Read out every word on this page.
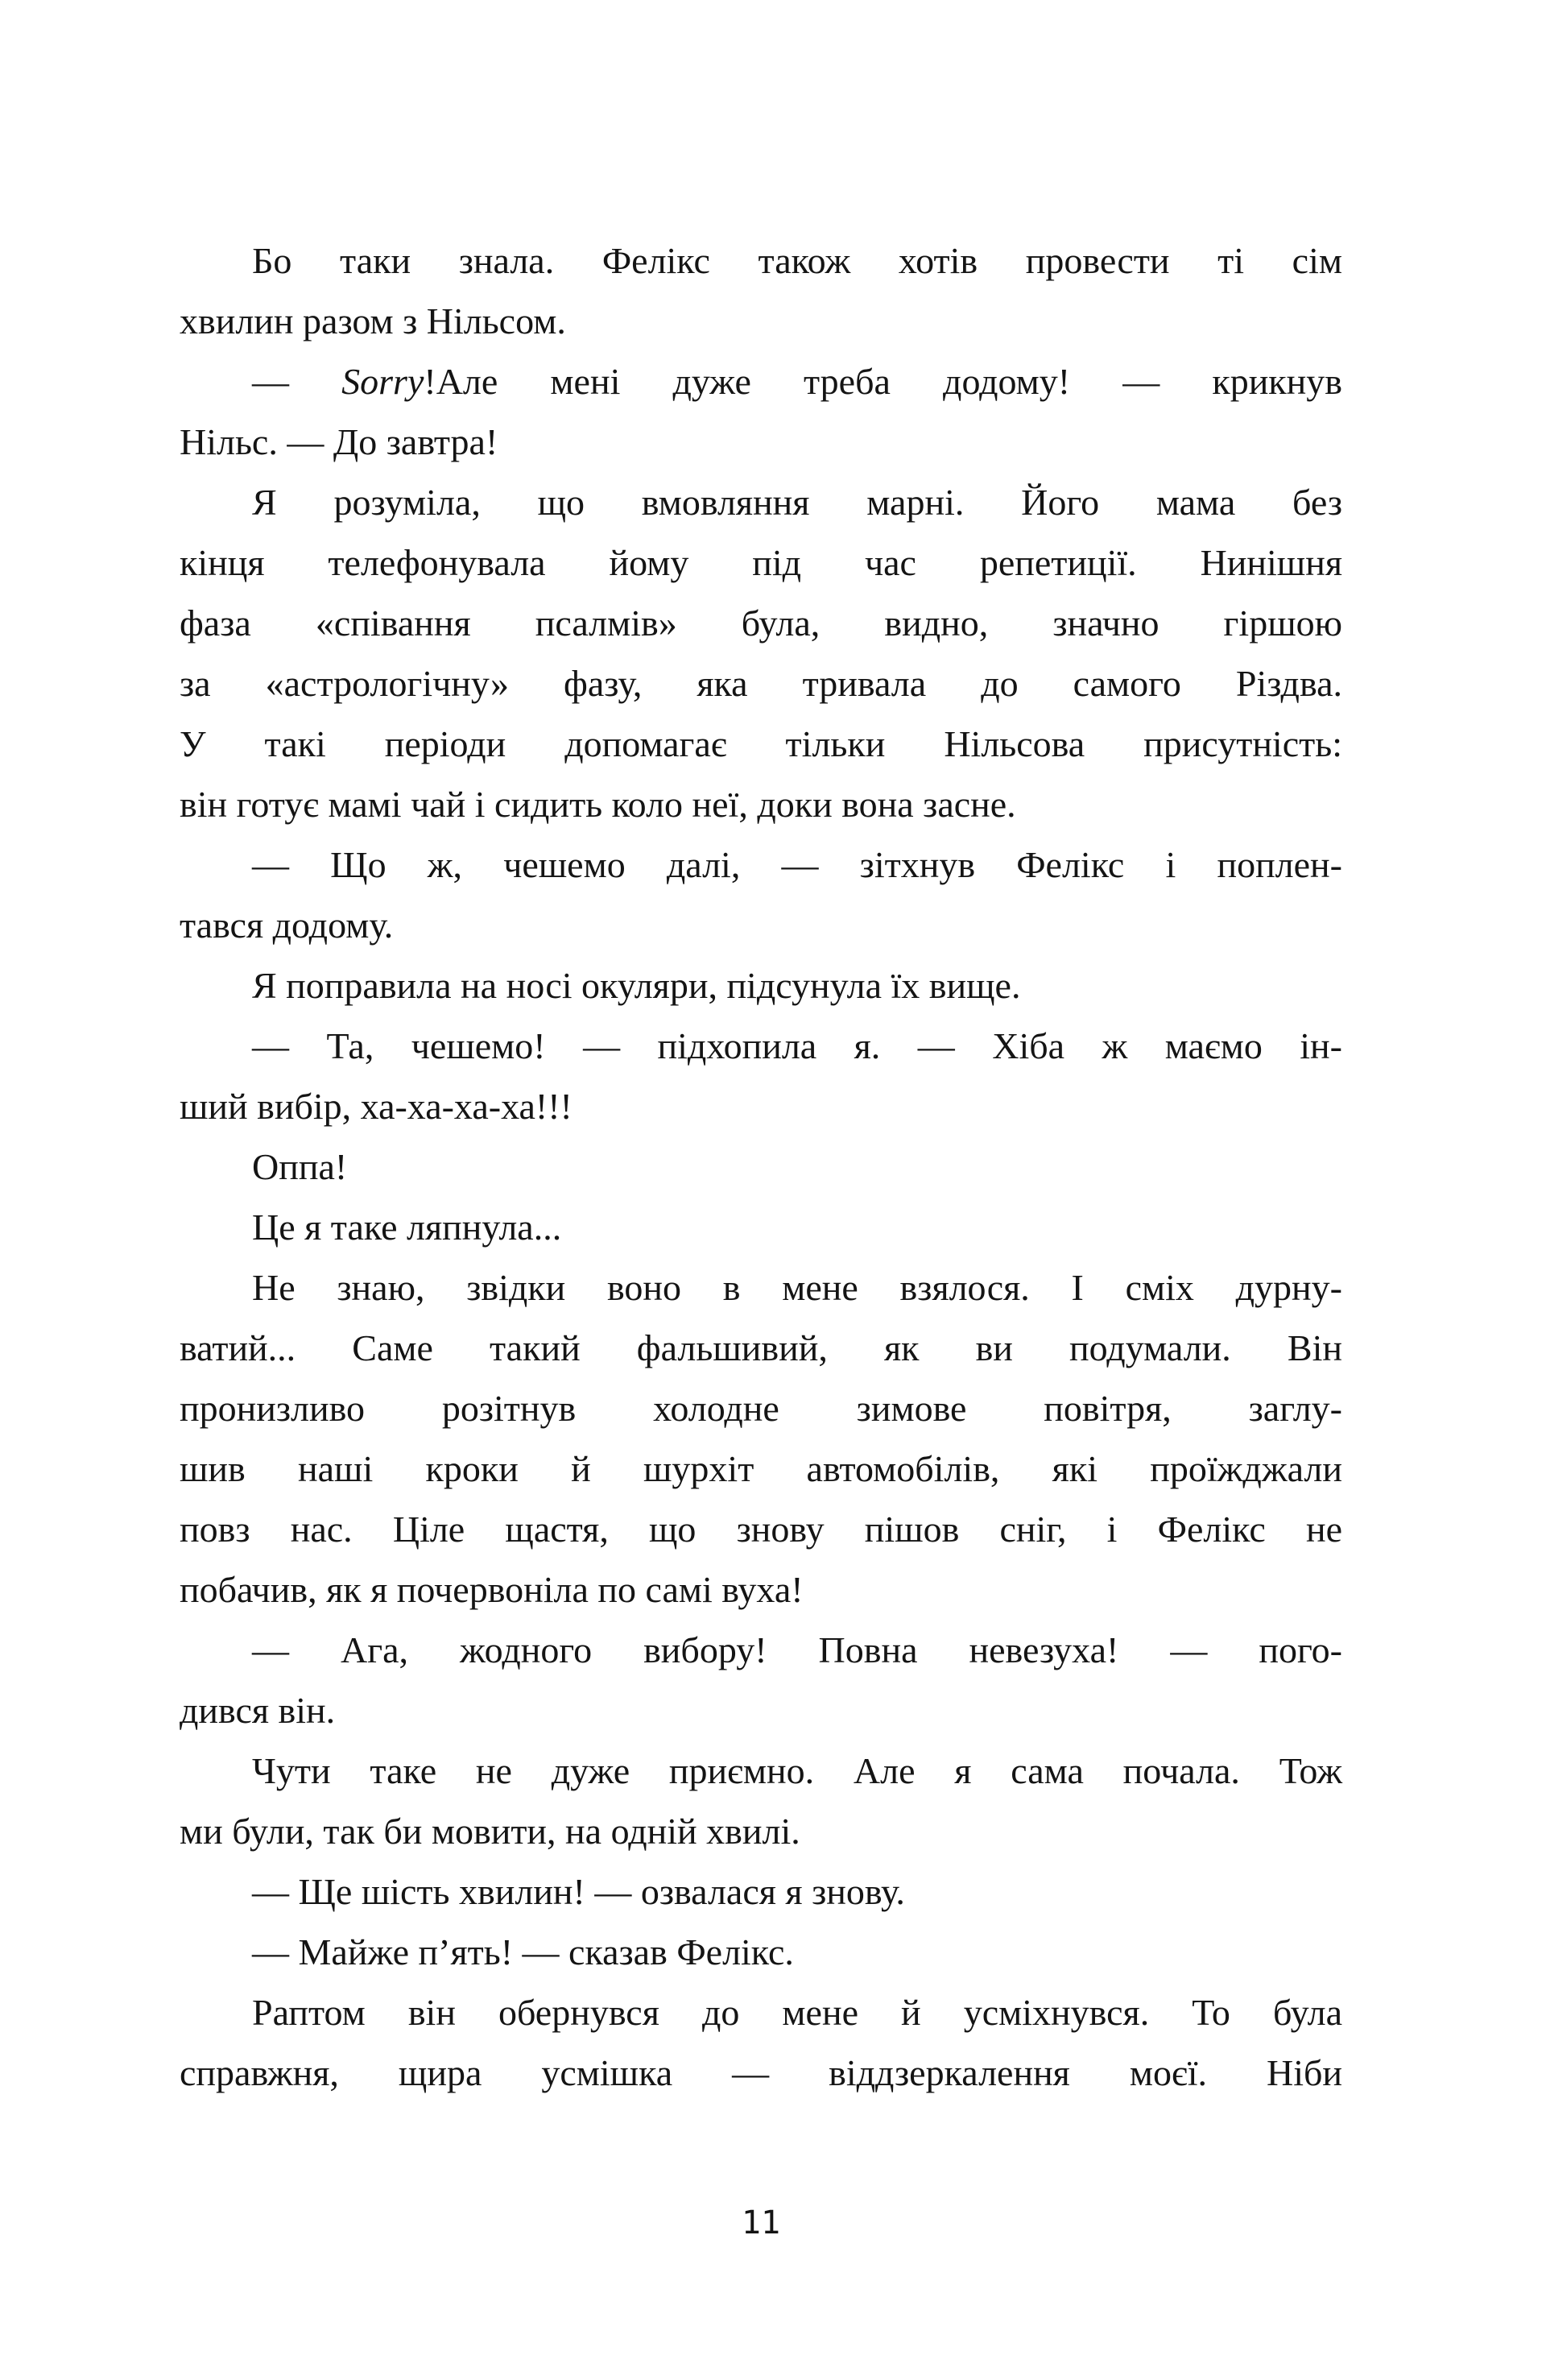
Бо таки знала. Фелікс також хотів провести ті сім
хвилин разом з Нільсом.
— Sorry!Але мені дуже треба додому! — крикнув
Нільс. — До завтра!
Я розуміла, що вмовляння марні. Його мама без
кінця телефонувала йому під час репетиції. Нинішня
фаза «співання псалмів» була, видно, значно гіршою
за «астрологічну» фазу, яка тривала до самого Різдва.
У такі періоди допомагає тільки Нільсова присутність:
він готує мамі чай і сидить коло неї, доки вона засне.
— Що ж, чешемо далі, — зітхнув Фелікс і поплен-
тався додому.
Я поправила на носі окуляри, підсунула їх вище.
— Та, чешемо! — підхопила я. — Хіба ж маємо ін-
ший вибір, ха-ха-ха-ха!!!
Оппа!
Це я таке ляпнула...
Не знаю, звідки воно в мене взялося. І сміх дурну-
ватий... Саме такий фальшивий, як ви подумали. Він
пронизливо розітнув холодне зимове повітря, заглу-
шив наші кроки й шурхіт автомобілів, які проїжджали
повз нас. Ціле щастя, що знову пішов сніг, і Фелікс не
побачив, як я почервоніла по самі вуха!
— Ага, жодного вибору! Повна невезуха! — пого-
дився він.
Чути таке не дуже приємно. Але я сама почала. Тож
ми були, так би мовити, на одній хвилі.
— Ще шість хвилин! — озвалася я знову.
— Майже п’ять! — сказав Фелікс.
Раптом він обернувся до мене й усміхнувся. То була
справжня, щира усмішка — віддзеркалення моєї. Ніби
11
